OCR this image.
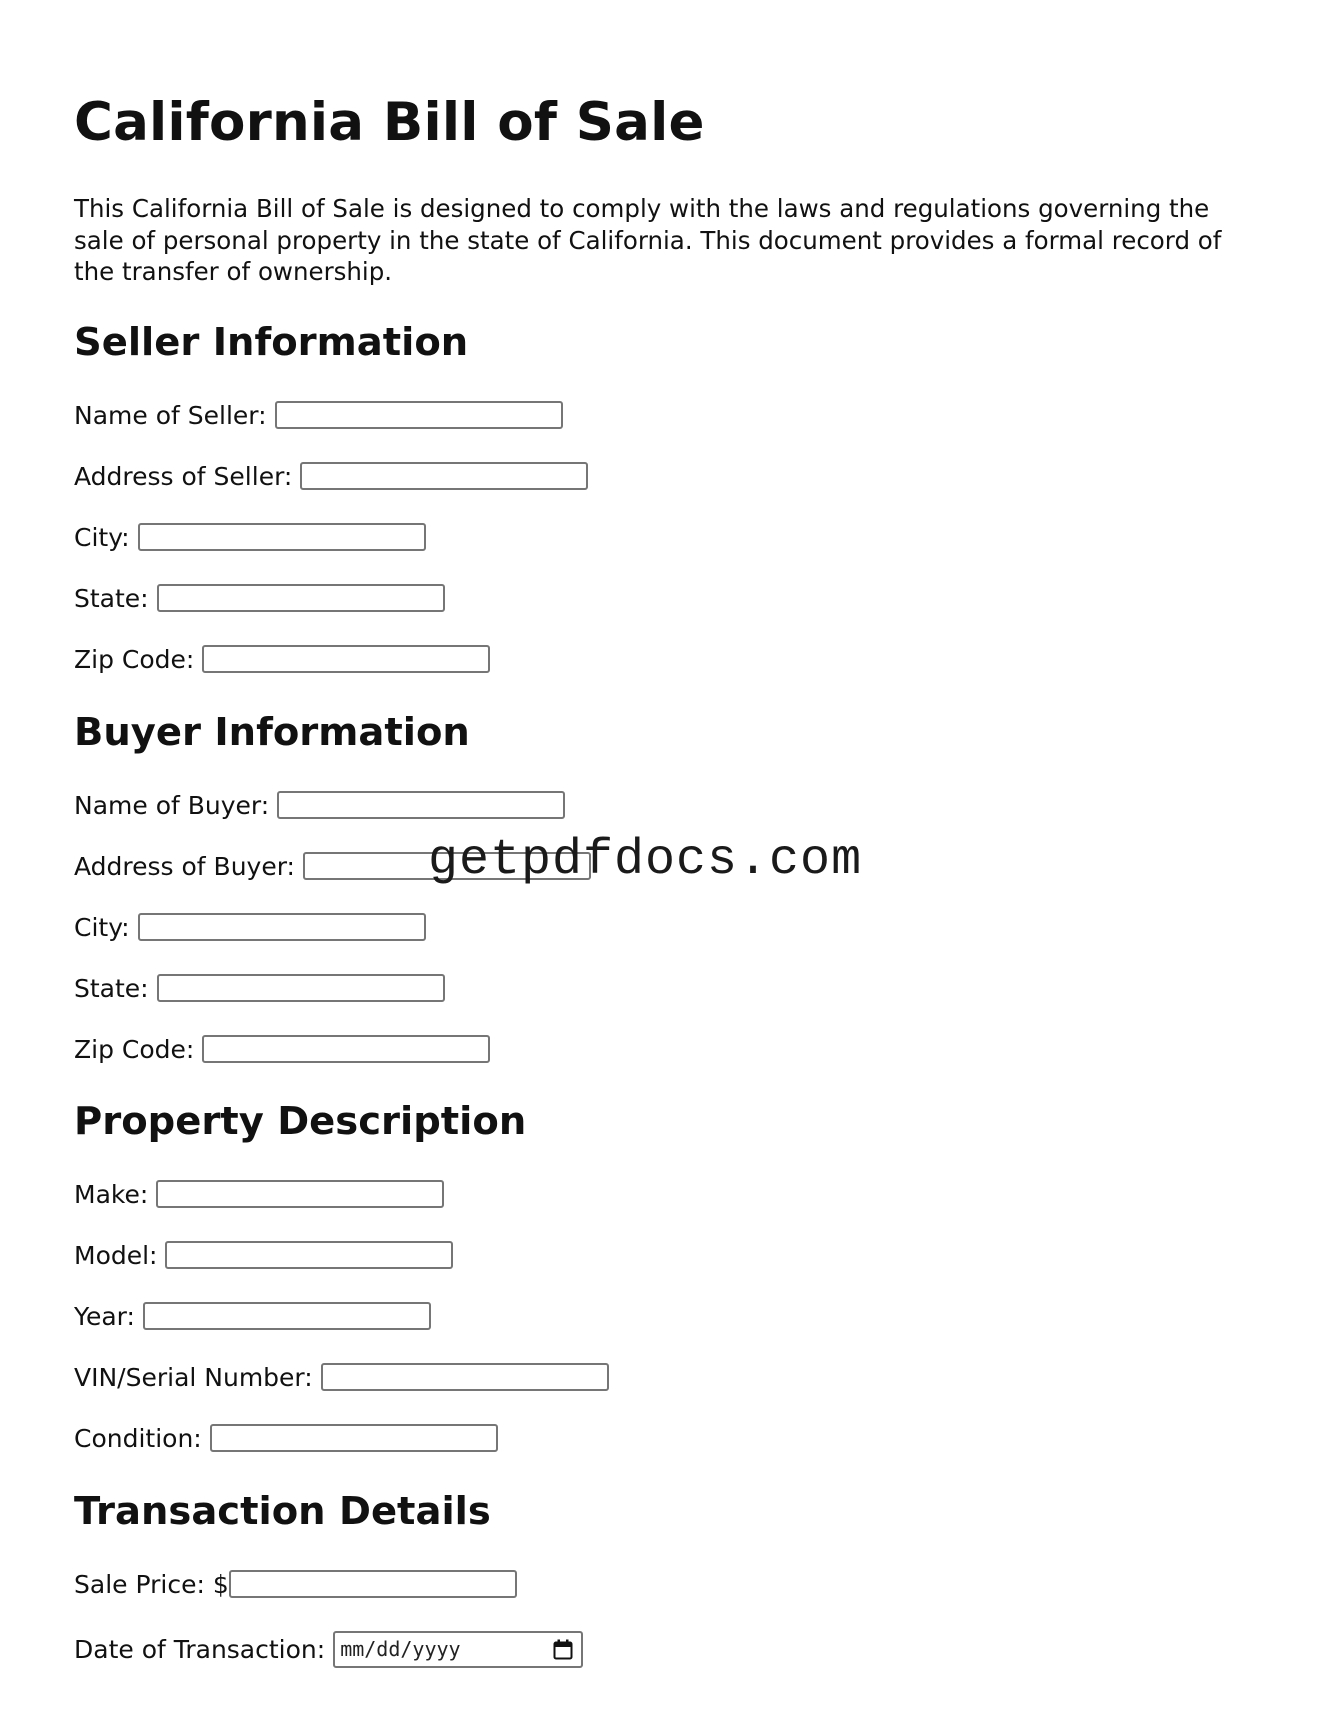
California Bill of Sale

This California Bill of Sale is designed to comply with the laws and regulations governing the sale of personal property in the state of California. This document provides a formal record of the transfer of ownership.

Seller Information
Name of Seller:
Address of Seller:
City:
State:
Zip Code:
Buyer Information
Name of Buyer:
Address of Buyer:
City:
State:
Zip Code:
Property Description
Make:
Model:
Year:
VIN/Serial Number:
Condition:
Transaction Details
Sale Price: $
Date of Transaction: mm/dd/yyyy
getpdfdocs.com
